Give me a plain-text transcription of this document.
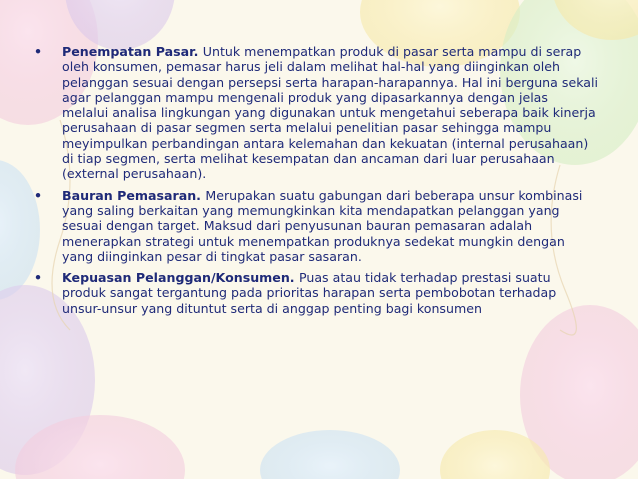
• Penempatan Pasar. Untuk menempatkan produk di pasar serta mampu di serap oleh konsumen, pemasar harus jeli dalam melihat hal-hal yang diinginkan oleh pelanggan sesuai dengan persepsi serta harapan-harapannya. Hal ini berguna sekali agar pelanggan mampu mengenali produk yang dipasarkannya dengan jelas melalui analisa lingkungan yang digunakan untuk mengetahui seberapa baik kinerja perusahaan di pasar segmen serta melalui penelitian pasar sehingga mampu meyimpulkan perbandingan antara kelemahan dan kekuatan (internal perusahaan) di tiap segmen, serta melihat kesempatan dan ancaman dari luar perusahaan (external perusahaan).
• Bauran Pemasaran. Merupakan suatu gabungan dari beberapa unsur kombinasi yang saling berkaitan yang memungkinkan kita mendapatkan pelanggan yang sesuai dengan target. Maksud dari penyusunan bauran pemasaran adalah menerapkan strategi untuk menempatkan produknya sedekat mungkin dengan yang diinginkan pesar di tingkat pasar sasaran.
• Kepuasan Pelanggan/Konsumen. Puas atau tidak terhadap prestasi suatu produk sangat tergantung pada prioritas harapan serta pembobotan terhadap unsur-unsur yang dituntut serta di anggap penting bagi konsumen
